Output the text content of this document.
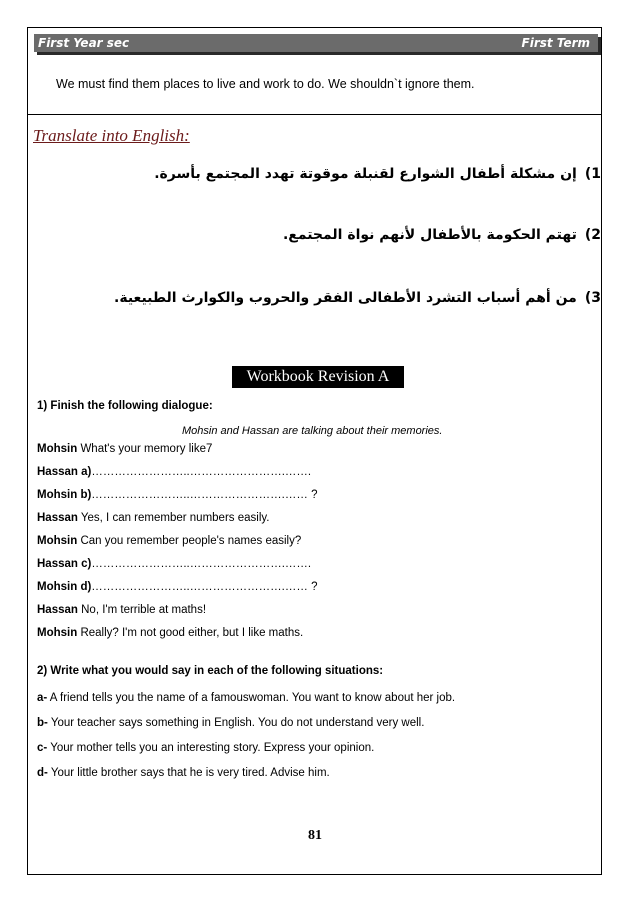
First Year sec	First Term
We must find them places to live and work to do. We shouldn`t ignore them.
Translate into English:
1)إن مشكلة أطفال الشوارع لقنبلة موقوتة تهدد المجتمع بأسرة.
2)تهتم الحكومة بالأطفال لأنهم نواة المجتمع.
3)من أهم أسباب التشرد الأطفالى الفقر والحروب والكوارث الطبيعية.
Workbook Revision A
1) Finish the following dialogue:
Mohsin and Hassan are talking about their memories.
Mohsin What's your memory like7
Hassan a)……………………..…………………….…….
Mohsin b)……………………..…………………….…… ?
Hassan Yes, I can remember numbers easily.
Mohsin Can you remember people's names easily?
Hassan c)……………………..…………………….…….
Mohsin d)……………………..…………………….…… ?
Hassan No, I'm terrible at maths!
Mohsin Really? I'm not good either, but I like maths.
2) Write what you would say in each of the following situations:
a- A friend tells you the name of a famouswoman. You want to know about her job.
b- Your teacher says something in English. You do not understand very well.
c- Your mother tells you an interesting story. Express your opinion.
d- Your little brother says that he is very tired. Advise him.
81
